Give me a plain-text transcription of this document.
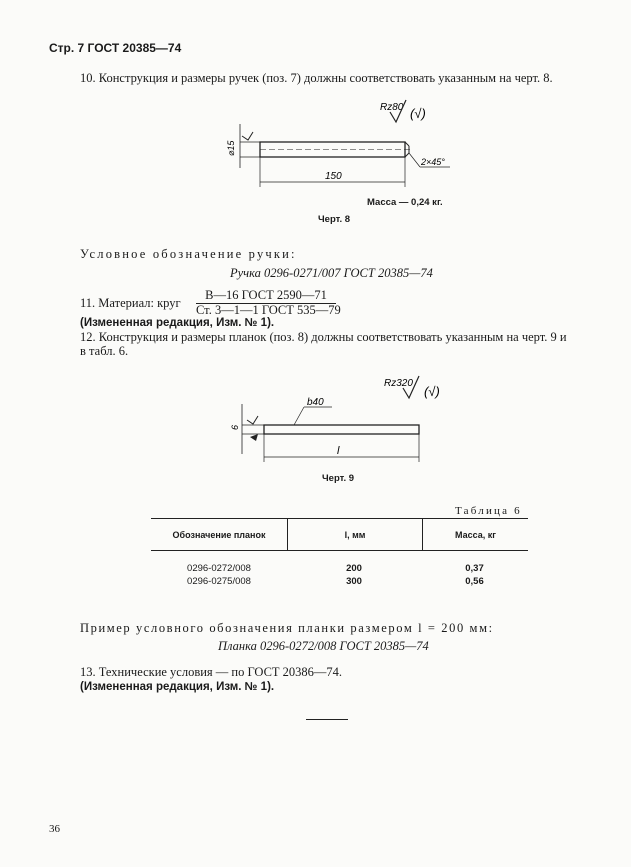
Стр. 7 ГОСТ 20385—74
10. Конструкция и размеры ручек (поз. 7) должны соответствовать указанным на черт. 8.
Rz80 (√)
⌀15
150
2×45°
Масса — 0,24 кг.
Черт. 8
Условное обозначение ручки:
Ручка 0296-0271/007 ГОСТ 20385—74
11. Материал: круг
В—16 ГОСТ 2590—71
Ст. 3—1—1 ГОСТ 535—79
(Измененная редакция, Изм. № 1).
12. Конструкция и размеры планок (поз. 8) должны соответствовать указанным на черт. 9 и
в табл. 6.
Rz320
(√)
b40
6
l
Черт. 9
Таблица 6
Обозначение планок	l, мм	Масса, кг
0296-0272/008	200	0,37
0296-0275/008	300	0,56
Пример условного обозначения планки размером l = 200 мм:
Планка 0296-0272/008 ГОСТ 20385—74
13. Технические условия — по ГОСТ 20386—74.
(Измененная редакция, Изм. № 1).
36
